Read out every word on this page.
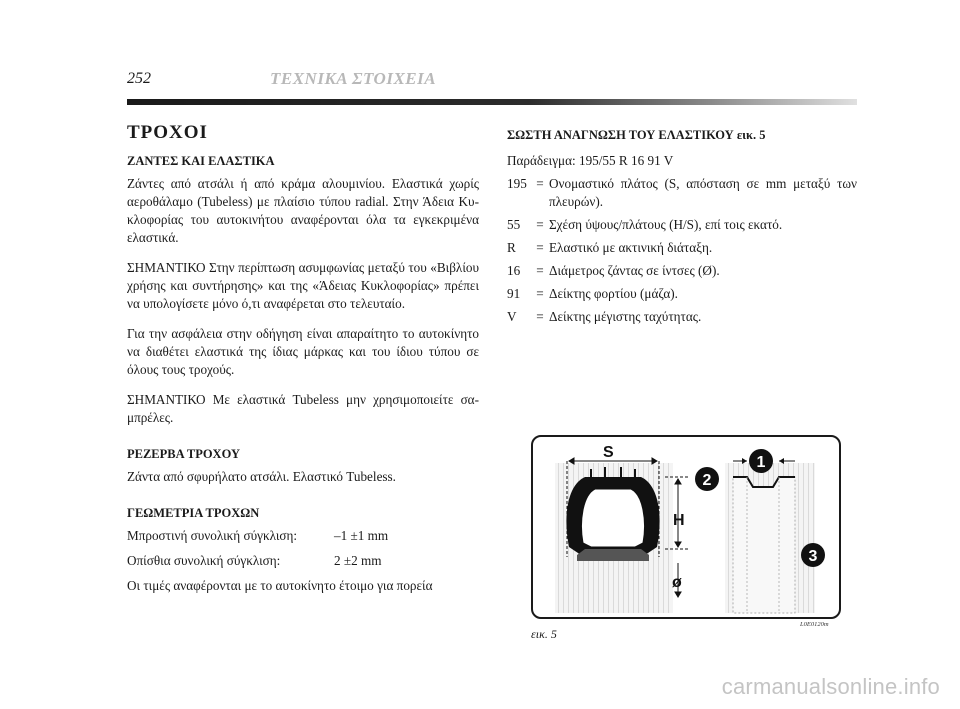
252	ΤΕΧΝΙΚΑ ΣΤΟΙΧΕΙΑ
ΤΡΟΧΟΙ
ΖΑΝΤΕΣ ΚΑΙ ΕΛΑΣΤΙΚΑ

Ζάντες από ατσάλι ή από κράμα αλουμινίου. Ελαστικά χωρίς αεροθάλαμο (Tubeless) με πλαίσιο τύπου radial. Στην Άδεια Κυκλοφορίας του αυτοκινήτου αναφέρονται όλα τα εγκεκριμένα ελαστικά.

ΣΗΜΑΝΤΙΚΟ Στην περίπτωση ασυμφωνίας μεταξύ του «Βιβλίου χρήσης και συντήρησης» και της «Άδειας Κυκλοφορίας» πρέπει να υπολογίσετε μόνο ό,τι αναφέρεται στο τελευταίο.

Για την ασφάλεια στην οδήγηση είναι απαραίτητο το αυτοκίνητο να διαθέτει ελαστικά της ίδιας μάρκας και του ίδιου τύπου σε όλους τους τροχούς.

ΣΗΜΑΝΤΙΚΟ Με ελαστικά Tubeless μην χρησιμοποιείτε σαμπρέλες.

ΡΕΖΕΡΒΑ ΤΡΟΧΟΥ

Ζάντα από σφυρήλατο ατσάλι. Ελαστικό Tubeless.

ΓΕΩΜΕΤΡΙΑ ΤΡΟΧΩΝ
Μπροστινή συνολική σύγκλιση:	–1 ±1 mm
Οπίσθια συνολική σύγκλιση:	2 ±2 mm

Οι τιμές αναφέρονται με το αυτοκίνητο έτοιμο για πορεία

ΣΩΣΤΗ ΑΝΑΓΝΩΣΗ ΤΟΥ ΕΛΑΣΤΙΚΟΥ εικ. 5

Παράδειγμα: 195/55 R 16 91 V

195 = Ονομαστικό πλάτος (S, απόσταση σε mm μεταξύ των πλευρών).
55	= Σχέση ύψους/πλάτους (H/S), επί τοις εκατό.
R	= Ελαστικό με ακτινική διάταξη.
16	= Διάμετρος ζάντας σε ίντσες (Ø).
91	= Δείκτης φορτίου (μάζα).
V	= Δείκτης μέγιστης ταχύτητας.
S
H
ø
1
2
3
εικ. 5
L0E0120m
carmanualsonline.info
